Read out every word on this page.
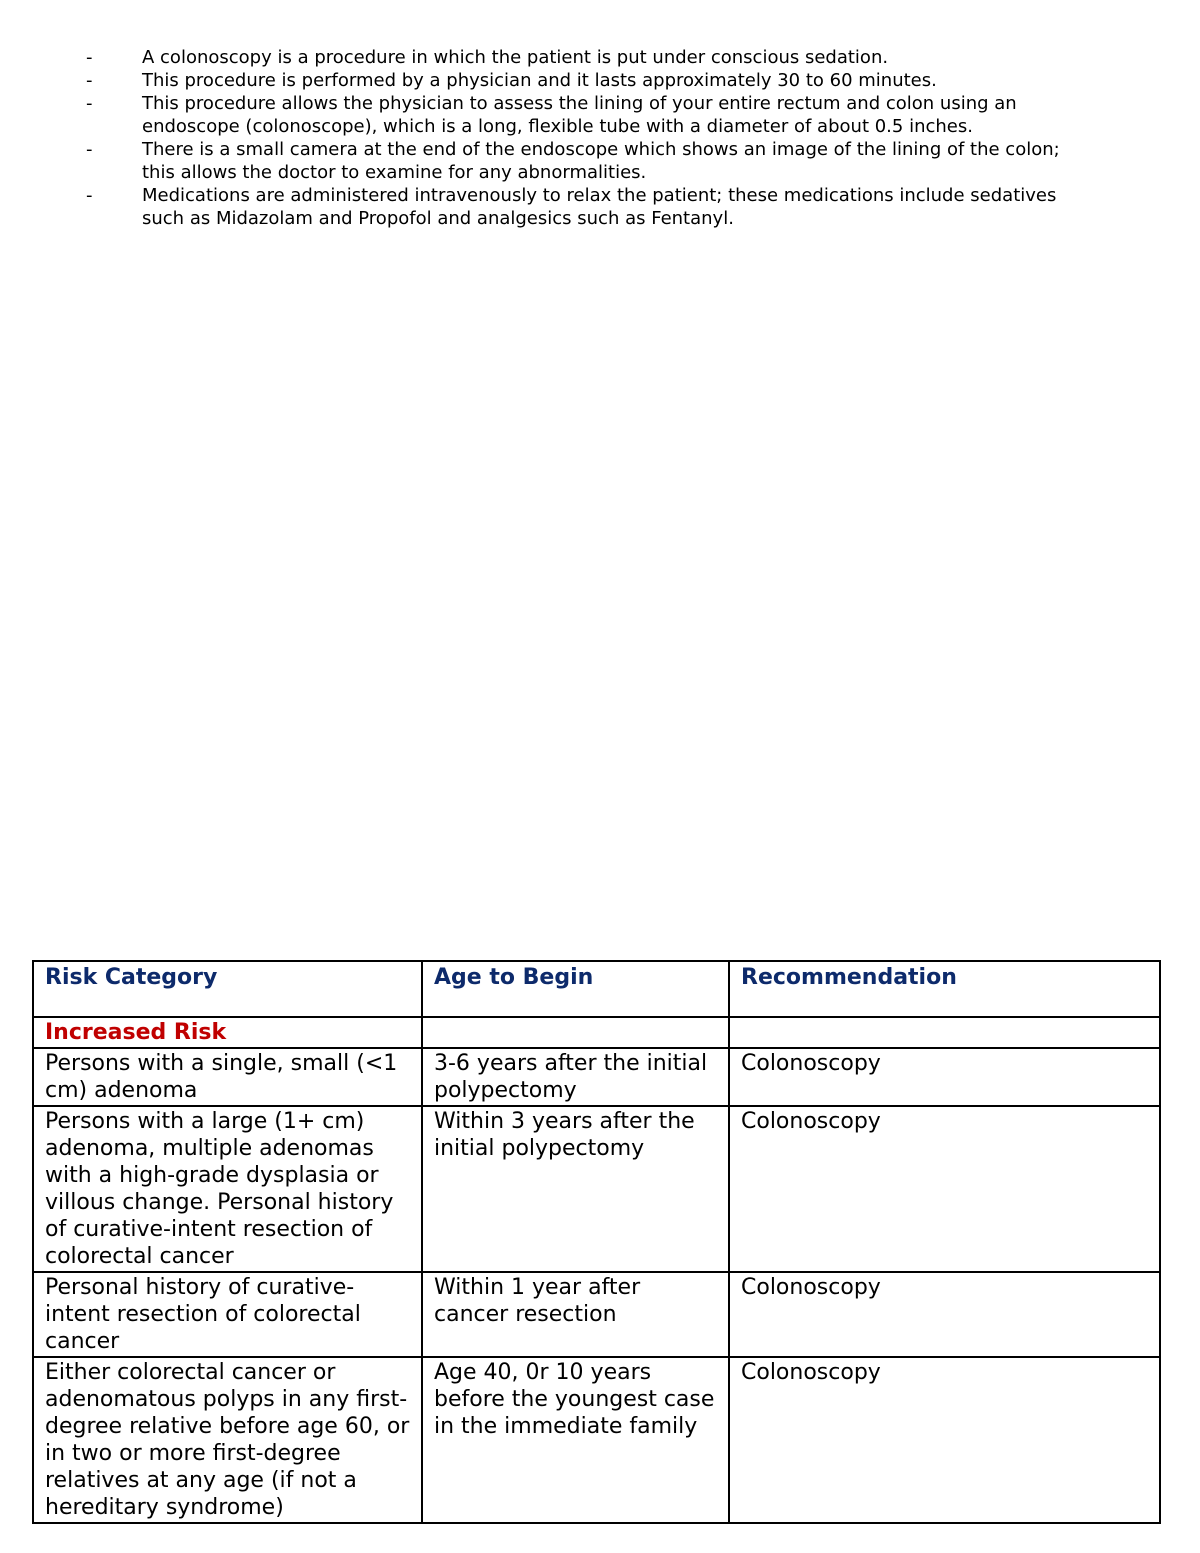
-	A colonoscopy is a procedure in which the patient is put under conscious sedation.
-	This procedure is performed by a physician and it lasts approximately 30 to 60 minutes.
-	This procedure allows the physician to assess the lining of your entire rectum and colon using an endoscope (colonoscope), which is a long, flexible tube with a diameter of about 0.5 inches.
-	There is a small camera at the end of the endoscope which shows an image of the lining of the colon; this allows the doctor to examine for any abnormalities.
-	Medications are administered intravenously to relax the patient; these medications include sedatives such as Midazolam and Propofol and analgesics such as Fentanyl.
Risk Category	Age to Begin	Recommendation
Increased Risk		
Persons with a single, small (<1 cm) adenoma	3-6 years after the initial polypectomy	Colonoscopy
Persons with a large (1+ cm) adenoma, multiple adenomas with a high-grade dysplasia or villous change. Personal history of curative-intent resection of colorectal cancer	Within 3 years after the initial polypectomy	Colonoscopy
Personal history of curative-intent resection of colorectal cancer	Within 1 year after cancer resection	Colonoscopy
Either colorectal cancer or adenomatous polyps in any first-degree relative before age 60, or in two or more first-degree relatives at any age (if not a hereditary syndrome)	Age 40, 0r 10 years before the youngest case in the immediate family	Colonoscopy
